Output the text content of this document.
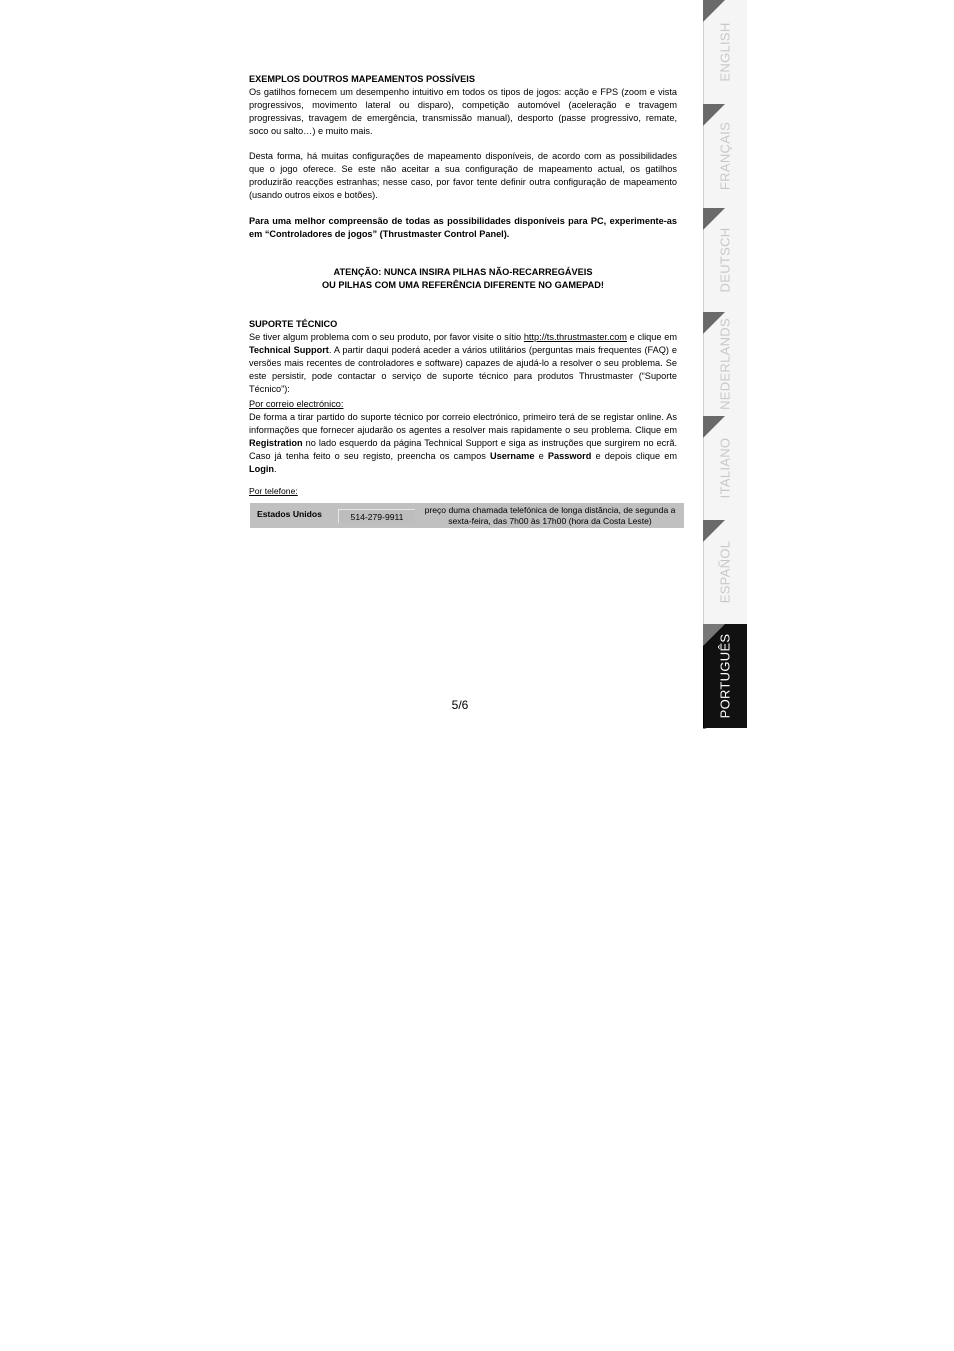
EXEMPLOS DOUTROS MAPEAMENTOS POSSÍVEIS
Os gatilhos fornecem um desempenho intuitivo em todos os tipos de jogos: acção e FPS (zoom e vista progressivos, movimento lateral ou disparo), competição automóvel (aceleração e travagem progressivas, travagem de emergência, transmissão manual), desporto (passe progressivo, remate, soco ou salto…) e muito mais.
Desta forma, há muitas configurações de mapeamento disponíveis, de acordo com as possibilidades que o jogo oferece. Se este não aceitar a sua configuração de mapeamento actual, os gatilhos produzirão reacções estranhas; nesse caso, por favor tente definir outra configuração de mapeamento (usando outros eixos e botões).
Para uma melhor compreensão de todas as possibilidades disponíveis para PC, experimente-as em “Controladores de jogos” (Thrustmaster Control Panel).
ATENÇÃO: NUNCA INSIRA PILHAS NÃO-RECARREGÁVEIS
OU PILHAS COM UMA REFERÊNCIA DIFERENTE NO GAMEPAD!
SUPORTE TÉCNICO
Se tiver algum problema com o seu produto, por favor visite o sítio http://ts.thrustmaster.com e clique em Technical Support. A partir daqui poderá aceder a vários utilitários (perguntas mais frequentes (FAQ) e versões mais recentes de controladores e software) capazes de ajudá-lo a resolver o seu problema. Se este persistir, pode contactar o serviço de suporte técnico para produtos Thrustmaster (“Suporte Técnico”):
Por correio electrónico:
De forma a tirar partido do suporte técnico por correio electrónico, primeiro terá de se registar online. As informações que fornecer ajudarão os agentes a resolver mais rapidamente o seu problema. Clique em Registration no lado esquerdo da página Technical Support e siga as instruções que surgirem no ecrã. Caso já tenha feito o seu registo, preencha os campos Username e Password e depois clique em Login.
Por telefone:
Estados Unidos	514-279-9911
preço duma chamada telefónica de longa distância, de segunda a sexta-feira, das 7h00 às 17h00 (hora da Costa Leste)
5/6
ENGLISH
FRANÇAIS
DEUTSCH
NEDERLANDS
ITALIANO
ESPAÑOL
PORTUGUÊS
